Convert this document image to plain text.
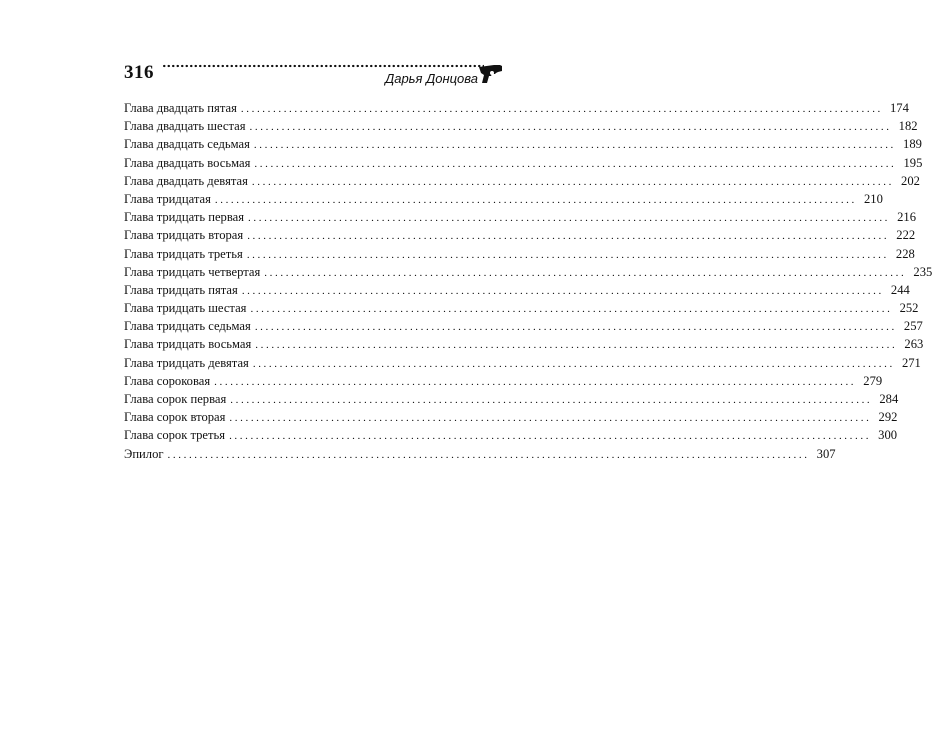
316	Дарья Донцова
Глава двадцать пятая ........................................................................................................................ 174
Глава двадцать шестая ........................................................................................................................ 182
Глава двадцать седьмая ........................................................................................................................ 189
Глава двадцать восьмая ........................................................................................................................ 195
Глава двадцать девятая ........................................................................................................................ 202
Глава тридцатая ........................................................................................................................ 210
Глава тридцать первая ........................................................................................................................ 216
Глава тридцать вторая ........................................................................................................................ 222
Глава тридцать третья ........................................................................................................................ 228
Глава тридцать четвертая ........................................................................................................................ 235
Глава тридцать пятая ........................................................................................................................ 244
Глава тридцать шестая ........................................................................................................................ 252
Глава тридцать седьмая ........................................................................................................................ 257
Глава тридцать восьмая ........................................................................................................................ 263
Глава тридцать девятая ........................................................................................................................ 271
Глава сороковая ........................................................................................................................ 279
Глава сорок первая ........................................................................................................................ 284
Глава сорок вторая ........................................................................................................................ 292
Глава сорок третья ........................................................................................................................ 300
Эпилог ........................................................................................................................ 307
